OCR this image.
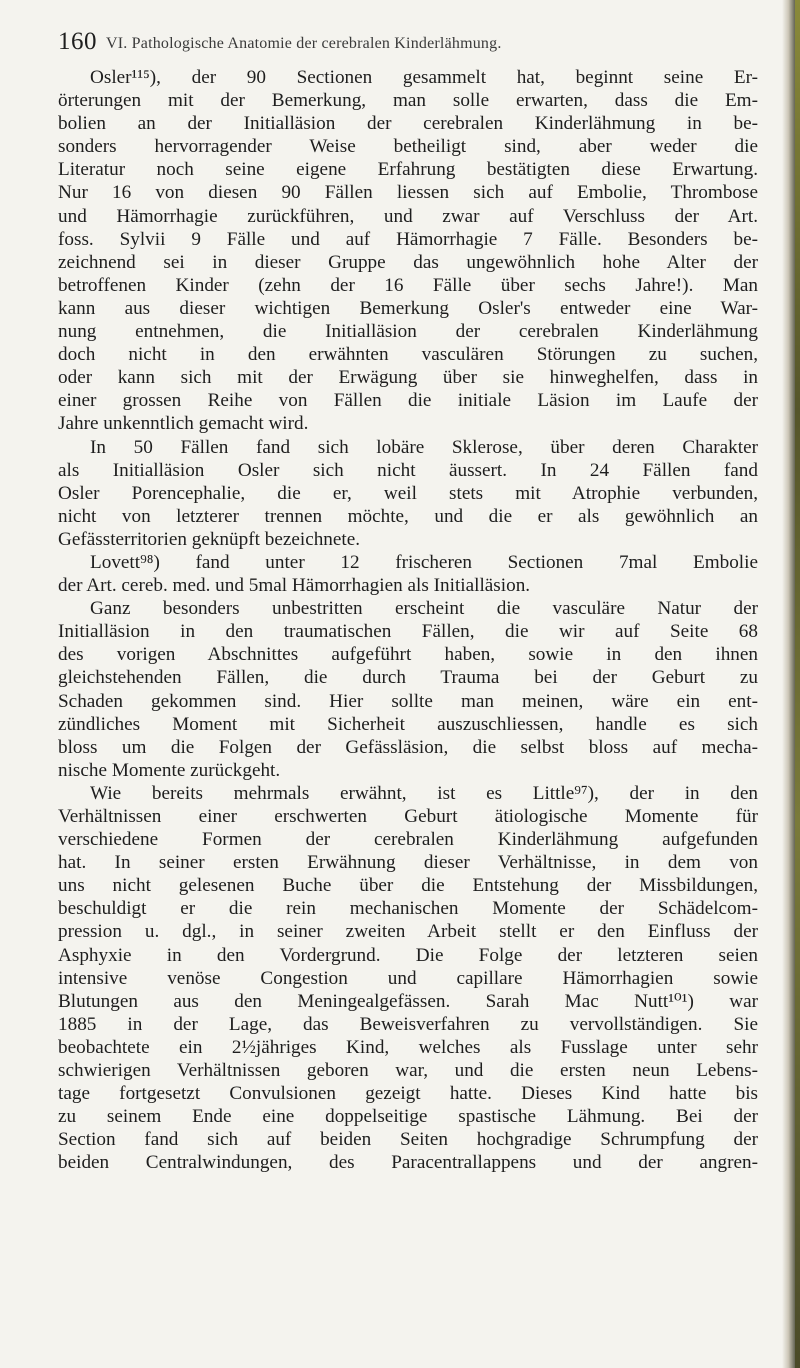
160 VI. Pathologische Anatomie der cerebralen Kinderlähmung.
Osler¹¹⁵), der 90 Sectionen gesammelt hat, beginnt seine Er-
örterungen mit der Bemerkung, man solle erwarten, dass die Em-
bolien an der Initialläsion der cerebralen Kinderlähmung in be-
sonders hervorragender Weise betheiligt sind, aber weder die
Literatur noch seine eigene Erfahrung bestätigten diese Erwartung.
Nur 16 von diesen 90 Fällen liessen sich auf Embolie, Thrombose
und Hämorrhagie zurückführen, und zwar auf Verschluss der Art.
foss. Sylvii 9 Fälle und auf Hämorrhagie 7 Fälle. Besonders be-
zeichnend sei in dieser Gruppe das ungewöhnlich hohe Alter der
betroffenen Kinder (zehn der 16 Fälle über sechs Jahre!). Man
kann aus dieser wichtigen Bemerkung Osler's entweder eine War-
nung entnehmen, die Initialläsion der cerebralen Kinderlähmung
doch nicht in den erwähnten vasculären Störungen zu suchen,
oder kann sich mit der Erwägung über sie hinweghelfen, dass in
einer grossen Reihe von Fällen die initiale Läsion im Laufe der
Jahre unkenntlich gemacht wird.
In 50 Fällen fand sich lobäre Sklerose, über deren Charakter
als Initialläsion Osler sich nicht äussert. In 24 Fällen fand
Osler Porencephalie, die er, weil stets mit Atrophie verbunden,
nicht von letzterer trennen möchte, und die er als gewöhnlich an
Gefässterritorien geknüpft bezeichnete.
Lovett⁹⁸) fand unter 12 frischeren Sectionen 7mal Embolie
der Art. cereb. med. und 5mal Hämorrhagien als Initialläsion.
Ganz besonders unbestritten erscheint die vasculäre Natur der
Initialläsion in den traumatischen Fällen, die wir auf Seite 68
des vorigen Abschnittes aufgeführt haben, sowie in den ihnen
gleichstehenden Fällen, die durch Trauma bei der Geburt zu
Schaden gekommen sind. Hier sollte man meinen, wäre ein ent-
zündliches Moment mit Sicherheit auszuschliessen, handle es sich
bloss um die Folgen der Gefässläsion, die selbst bloss auf mecha-
nische Momente zurückgeht.
Wie bereits mehrmals erwähnt, ist es Little⁹⁷), der in den
Verhältnissen einer erschwerten Geburt ätiologische Momente für
verschiedene Formen der cerebralen Kinderlähmung aufgefunden
hat. In seiner ersten Erwähnung dieser Verhältnisse, in dem von
uns nicht gelesenen Buche über die Entstehung der Missbildungen,
beschuldigt er die rein mechanischen Momente der Schädelcom-
pression u. dgl., in seiner zweiten Arbeit stellt er den Einfluss der
Asphyxie in den Vordergrund. Die Folge der letzteren seien
intensive venöse Congestion und capillare Hämorrhagien sowie
Blutungen aus den Meningealgefässen. Sarah Mac Nutt¹⁰¹) war
1885 in der Lage, das Beweisverfahren zu vervollständigen. Sie
beobachtete ein 2½jähriges Kind, welches als Fusslage unter sehr
schwierigen Verhältnissen geboren war, und die ersten neun Lebens-
tage fortgesetzt Convulsionen gezeigt hatte. Dieses Kind hatte bis
zu seinem Ende eine doppelseitige spastische Lähmung. Bei der
Section fand sich auf beiden Seiten hochgradige Schrumpfung der
beiden Centralwindungen, des Paracentrallappens und der angren-
